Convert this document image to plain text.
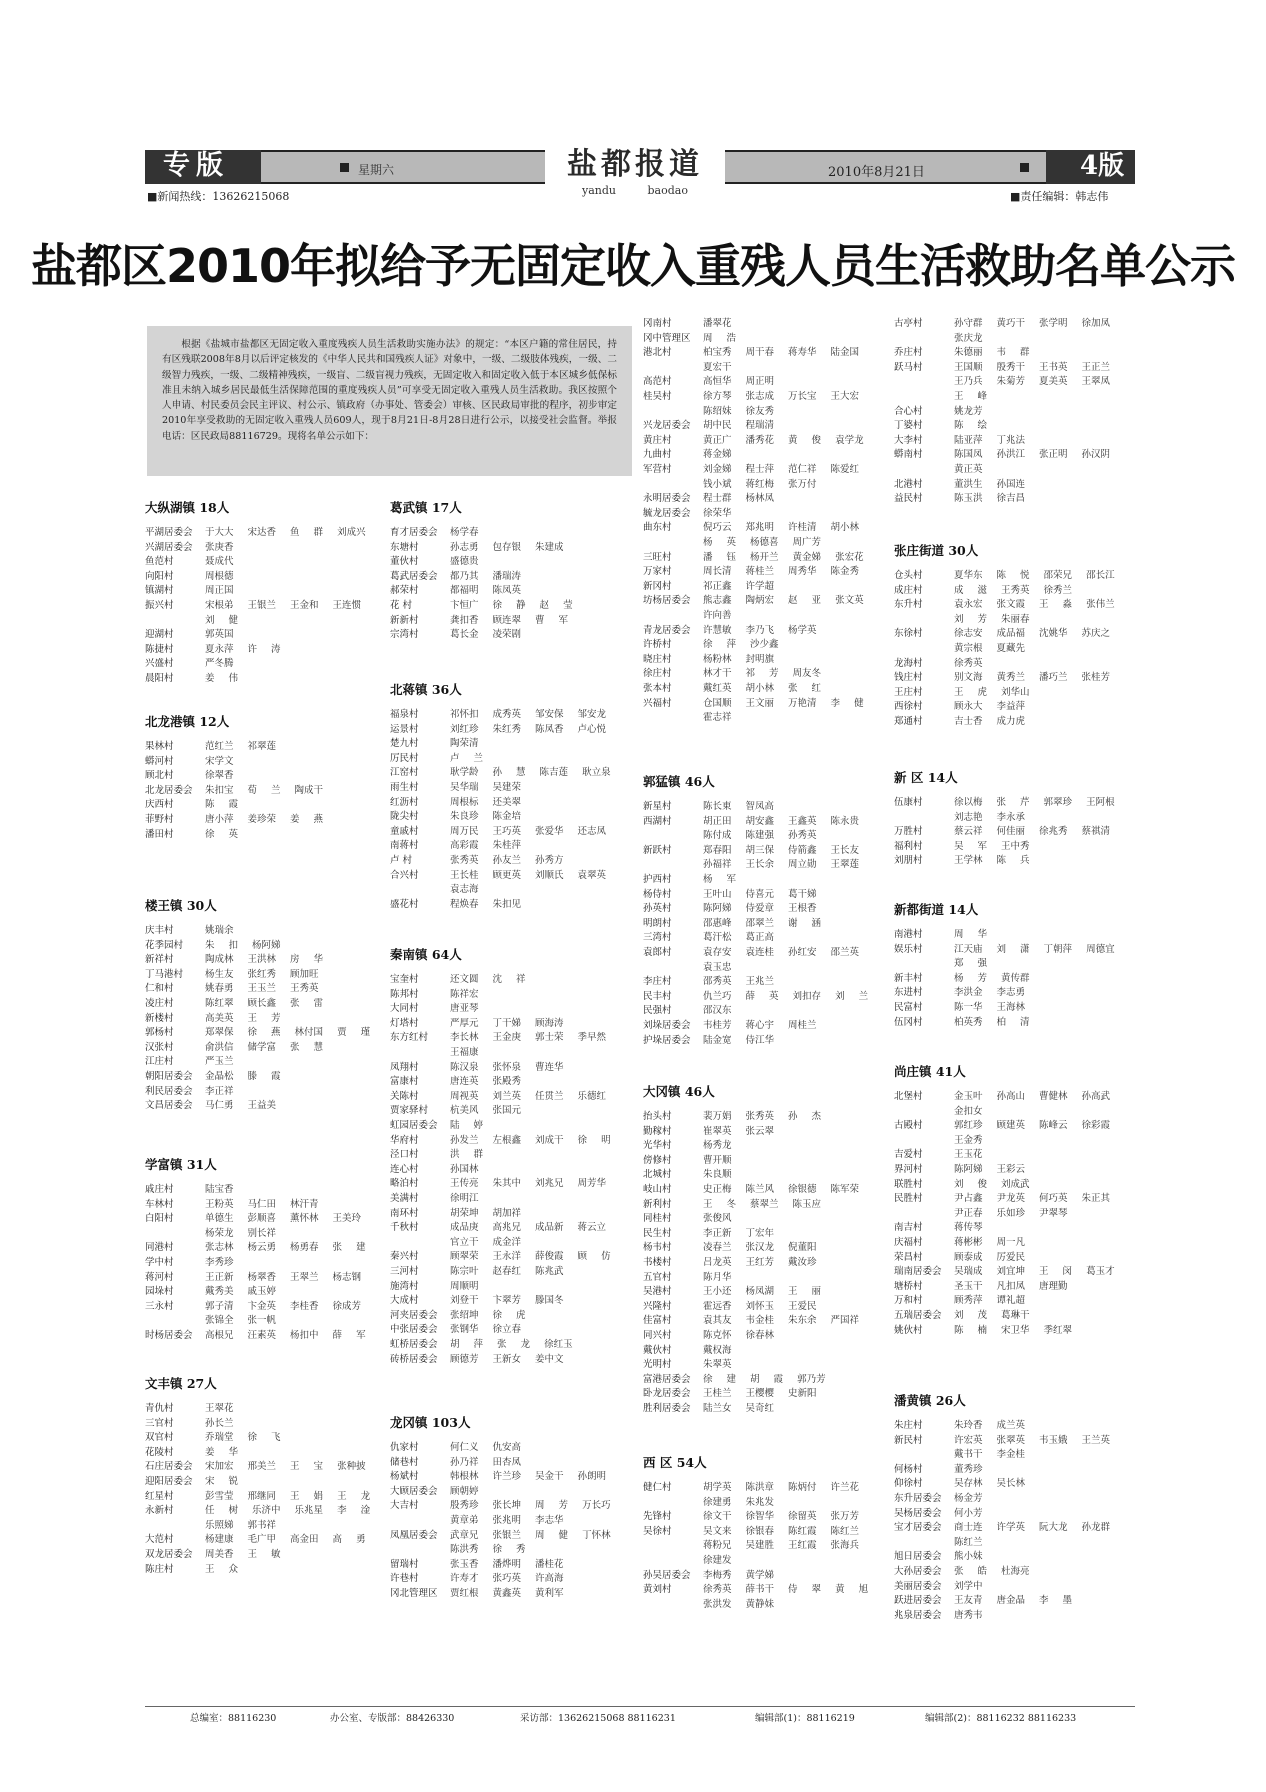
专版	星期六	盐都报道
yandu baodao
2010年8月21日	4版
■新闻热线：13626215068	■责任编辑：韩志伟
盐都区2010年拟给予无固定收入重残人员生活救助名单公示
根据《盐城市盐都区无固定收入重度残疾人员生活救助实施办法》的规定：“本区户籍的常住居民，持有区残联2008年8月以后评定核发的《中华人民共和国残疾人证》对象中，一级、二级肢体残疾，一级、二级智力残疾，一级、二级精神残疾，一级盲、二级盲视力残疾，无固定收入和固定收入低于本区城乡低保标准且未纳入城乡居民最低生活保障范围的重度残疾人员”可享受无固定收入重残人员生活救助。我区按照个人申请、村民委员会民主评议、村公示、镇政府（办事处、管委会）审核、区民政局审批的程序，初步审定2010年享受救助的无固定收入重残人员609人，现于8月21日-8月28日进行公示，以接受社会监督。举报电话：区民政局88116729。现将名单公示如下：
大纵湖镇 18人
平湖居委会 于大大 宋达香 鱼 群 刘成兴
兴湖居委会 张庚香
鱼范村	聂成代
向阳村	周根德
镇湖村	周正国
振兴村	宋根弟 王银兰 王金和 王连惯
刘 健
迎湖村	郭英国
陈捷村	夏永萍 许 涛
兴盛村	严冬腾
晨阳村	姜 伟
北龙港镇 12人
果林村	范红兰 祁翠莲
蟒河村	宋学文
顾北村	徐翠香
北龙居委会 朱扣宝 荀 兰 陶成干
庆西村	陈 霞
菲野村	唐小萍 姜珍荣 姜 燕
潘田村	徐 英
楼王镇 30人
庆丰村	姚瑞余
花季园村 朱 扣 杨阿娣
新祥村	陶成林 王洪林 房 华
丁马港村 杨生友 张红秀 顾加旺
仁和村	姚春勇 王玉兰 王秀英
凌庄村	陈红翠 顾长鑫 张 雷
新楼村	高美英 王 芳
郭杨村	郑翠保 徐 燕 林付国 贾 瑾
汉张村	俞洪信 储学富 张 慧
江庄村	严玉兰
朝阳居委会 金晶松 滕 霞
利民居委会 李正祥
文昌居委会 马仁勇 王益美
学富镇 31人
戚庄村	陆宝香
车林村	王粉英 马仁田 林汗青
白阳村	单德生 彭顺喜 薰怀林 王美玲
杨荣龙 别长祥
同港村	张志林 杨云勇 杨勇春 张 建
学中村	李秀珍
蒋河村	王正新 杨翠香 王翠兰 杨志钢
园垛村	戴秀美 戚玉婷
三永村	郭子清 卞金英 李桂香 徐成芳
张锦全 张一帆
时杨居委会 高根兄 汪素英 杨扣中 薛 军
文丰镇 27人
青仇村	王翠花
三官村	孙长兰
双官村	乔瑞堂 徐 飞
花陵村	姜 华
石庄居委会 宋加宏 邢美兰 王 宝 张种披
迎阳居委会 宋 锐
红星村	彭雪莹 邢继同 王 娟 王 龙
永新村	任 树 乐济中 乐兆星 李 淦
乐照娣 郭书祥
大范村	杨建康 毛广甲 高金田 高 勇
双龙居委会 周美香 王 敏
陈庄村	王 众
葛武镇 17人
育才居委会 杨学春
东塘村	孙志勇 包存银 朱建成
董伙村	盛德贵
葛武居委会 都乃其 潘瑞涛
郝荣村	都福明 陈凤英
花 村	卞恒广 徐 静 赵 莹
新新村	龚扣香 顾连翠 曹 军
宗湾村	葛长金 凌荣剧
北蒋镇 36人
福泉村	祁怀扣 成秀英 邹安保 邹安龙
运景村	刘红珍 朱红秀 陈凤香 卢心悦
楚九村	陶荣清
厉民村	卢 兰
江窑村	耿学龄 孙 慧 陈吉莲 耿立泉
雨生村	吴华瑞 吴建荣
红沥村	周根标 还美翠
陇尖村	朱良珍 陈金培
童戚村	周万民 王巧英 张爱华 还志凤
南蒋村	高彩霞 朱桂萍
卢 村	张秀英 孙友兰 孙秀方
合兴村	王长桂 顾更英 刘顺氏 袁翠英
袁志海
盛花村	程焕春 朱扣见
秦南镇 64人
宝奎村	还文圆 沈 祥
陈邦村	陈祥宏
大同村	唐亚琴
灯塔村	严厚元 丁干娣 顾海涛
东方红村 李长林 王金庚 郭士荣 季早然
王福康
凤翔村	陈汉泉 张怀泉 曹连华
富康村	唐连英 张殿秀
关陈村	周视英 刘兰英 任贯兰 乐德红
贾家驿村 杭美风 张国元
虹园居委会 陆 婷
华府村	孙发兰 左根鑫 刘成干 徐 明
泾口村	洪 群
连心村	孙国林
略泊村	王传亮 朱其中 刘兆兄 周芳华
美满村	徐明江
南环村	胡荣坤 胡加祥
千秋村	成品庚 高兆兄 成品新 蒋云立
官立干 成金洋
秦兴村	顾翠荣 王永洋 薛俊霞 顾 仿
三河村	陈宗叶 赵春红 陈兆武
施湾村	周顺明
大成村	刘登干 卞翠芳 滕国冬
河夹居委会 张绍坤 徐 虎
中张居委会 张钢华 徐立春
虹桥居委会 胡 萍 张 龙 徐红玉
砖桥居委会 顾德芳 王新女 姜中文
龙冈镇 103人
仇家村	何仁义 仇安高
储巷村	孙乃祥 田杏凤
杨斌村	韩根林 许兰珍 吴金干 孙朗明
大顾居委会 顾朝婷
大吉村	殷秀珍 张长坤 周 芳 万长巧
黄章弟 张兆明 李志华
凤凰居委会 武章兄 张银兰 周 健 丁怀林
陈洪秀 徐 秀
留瑞村	张玉香 潘烨明 潘桂花
许巷村	许寿才 张巧英 许高海
冈北管理区 贾红根 黄鑫英 黄利军
冈南村	潘翠花
冈中管理区 周 浩
港北村	柏宝秀 周干春 蒋寿华 陆金国
夏宏干
高范村	高恒华 周正明
桂吴村	徐方琴 张志成 万长宝 王大宏
陈绍妹 徐友秀
兴龙居委会 胡中民 程瑞清
黄庄村	黄正广 潘秀花 黄 俊 袁学龙
九曲村	蒋金娣
军营村	刘金娣 程士萍 范仁祥 陈爱红
钱小斌 蒋红梅 张万付
永明居委会 程士群 杨林凤
毓龙居委会 徐荣华
曲东村	倪巧云 郑兆明 许桂清 胡小林
杨 英 杨德喜 周广芳
三旺村	潘 钰 杨开兰 黄金娣 张宏花
万家村	周长清 蒋桂兰 周秀华 陈金秀
新冈村	祁正鑫 许学超
坊杨居委会 熊志鑫 陶炳宏 赵 亚 张文英
许向善
青龙居委会 许慧敏 李乃飞 杨学英
许桥村	徐 萍 沙少鑫
晓庄村	杨粉林 封明旗
徐庄村	林才干 祁 芳 周友冬
张本村	戴红英 胡小林 张 红
兴福村	仓国顺 王文丽 万艳清 李 健
霍志祥
郭猛镇 46人
新星村	陈长東 智凤高
西湖村	胡正田 胡安鑫 王鑫英 陈永贵
陈付成 陈建强 孙秀英
新跃村	郑春阳 胡三保 侍箭鑫 王长友
孙福祥 王长余 周立勋 王翠莲
护西村	杨 军
杨侍村	王叶山 侍喜元 葛干娣
孙英村	陈阿娣 侍爱章 王根香
明朗村	邵惠峰 邵翠兰 谢 涵
三湾村	葛汗松 葛正高
袁郎村	袁存安 袁连桂 孙红安 邵兰英
袁玉忠
李庄村	邵秀英 王兆兰
民丰村	仇兰巧 薛 英 刘扣存 刘 兰
民强村	邵汉东
刘垛居委会 韦桂芳 蒋心宇 周桂兰
护垛居委会 陆金宽 侍江华
大冈镇 46人
抬头村	裴万娟 张秀英 孙 杰
勤稼村	崔翠英 张云翠
光华村	杨秀龙
傍修村	曹开顺
北城村	朱良顺
岐山村	史正梅 陈兰风 徐银德 陈军荣
新利村	王 冬 蔡翠兰 陈玉应
同桂村	张俊风
民生村	李正新 丁宏年
杨韦村	凌春兰 张汉龙 倪董阳
书楼村	吕龙英 王红芳 戴汝珍
五官村	陈月华
吴港村	王小还 杨凤湖 王 丽
兴隆村	霍远香 刘怀玉 王爱民
佳富村	袁其友 韦金桂 朱东余 严国祥
同兴村	陈克怀 徐春林
戴伙村	戴权海
光明村	朱翠英
富港居委会 徐 建 胡 霞 郭乃芳
卧龙居委会 王桂兰 王樱樱 史新阳
胜利居委会 陆兰女 吴奇红
西 区 54人
健仁村	胡学英 陈洪章 陈炳付 许兰花
徐建勇 朱兆发
先锋村	徐文干 徐智华 徐留英 张万芳
吴徐村	吴文来 徐银春 陈红霞 陈红兰
蒋粉兄 吴建胜 王红霞 张海兵
徐建发
孙吴居委会 李梅秀 黄学娣
黄刘村	徐秀英 薛书干 侍 翠 黄 旭
张洪发 黄静妹
古亭村	孙守群 黄巧干 张学明 徐加凤
张庆龙
乔庄村	朱德丽 韦 群
跃马村	王国顺 殷秀干 王书英 王正兰
王乃兵 朱菊芳 夏美英 王翠凤
王 峰
合心村	姚龙芳
丁婆村	陈 绘
大李村	陆亚萍 丁兆法
蟒南村	陈国凤 孙洪江 张正明 孙汉阴
黄正英
北港村	董洪生 孙国连
益民村	陈玉洪 徐吉昌
张庄街道 30人
仓头村	夏华东 陈 悦 邵荣兄 邵长江
成庄村	成 滋 王秀英 徐秀兰
东升村	袁永宏 张文霞 王 淼 张伟兰
刘 芳 朱丽春
东徐村	徐志安 成品福 沈姚华 苏庆之
黄宗根 夏藏先
龙海村	徐秀英
钱庄村	别文海 黄秀兰 潘巧兰 张桂芳
王庄村	王 虎 刘华山
西徐村	顾永大 李益萍
郑通村	吉士香 成力虎
新 区 14人
伍康村	徐以梅 张 芹 郭翠珍 王阿根
刘志艳 李永承
万胜村	蔡云祥 何佳丽 徐兆秀 蔡祺清
福利村	吴 军 王中秀
刘朋村	王学林 陈 兵
新都街道 14人
南港村	周 华
娱乐村	江天庙 刘 潇 丁朝萍 周德宜
郑 强
新丰村	杨 芳 黄传群
东进村	李洪金 李志勇
民富村	陈一华 王海林
伍冈村	柏英秀 柏 清
尚庄镇 41人
北堡村	金玉叶 孙高山 曹健林 孙高武
金扣女
古殿村	郭红珍 顾建英 陈峰云 徐彩霞
王金秀
吉爱村	王玉花
界河村	陈阿娣 王彩云
联胜村	刘 俊 刘成武
民胜村	尹占鑫 尹龙英 何巧英 朱正其
尹正春 乐如珍 尹翠琴
南吉村	蒋传琴
庆福村	蒋彬彬 周一凡
荣昌村	顾泰成 厉爱民
瑞南居委会 吴瑞成 刘宜坤 王 闵 葛玉才
塘桥村	圣玉干 凡扣凤 唐理勤
万和村	顾秀萍 谭礼超
五瑞居委会 刘 茂 葛琳干
姚伙村	陈 楠 宋卫华 季红翠
潘黄镇 26人
朱庄村	朱玲香 成兰英
新民村	许宏英 张翠英 韦玉娥 王兰英
戴书干 李金桂
何杨村	董秀珍
仰徐村	吴存林 吴长林
东升居委会 杨金芳
吴杨居委会 何小芳
宝才居委会 商士连 许学英 阮大龙 孙龙群
陈红兰
旭日居委会 熊小妹
大孙居委会 张 皓 杜海亮
美丽居委会 刘学中
跃进居委会 王友青 唐金晶 李 墨
兆泉居委会 唐秀韦
总编室：88116230	办公室、专版部：88426330	采访部：13626215068 88116231	编辑部(1)：88116219	编辑部(2)：88116232 88116233
